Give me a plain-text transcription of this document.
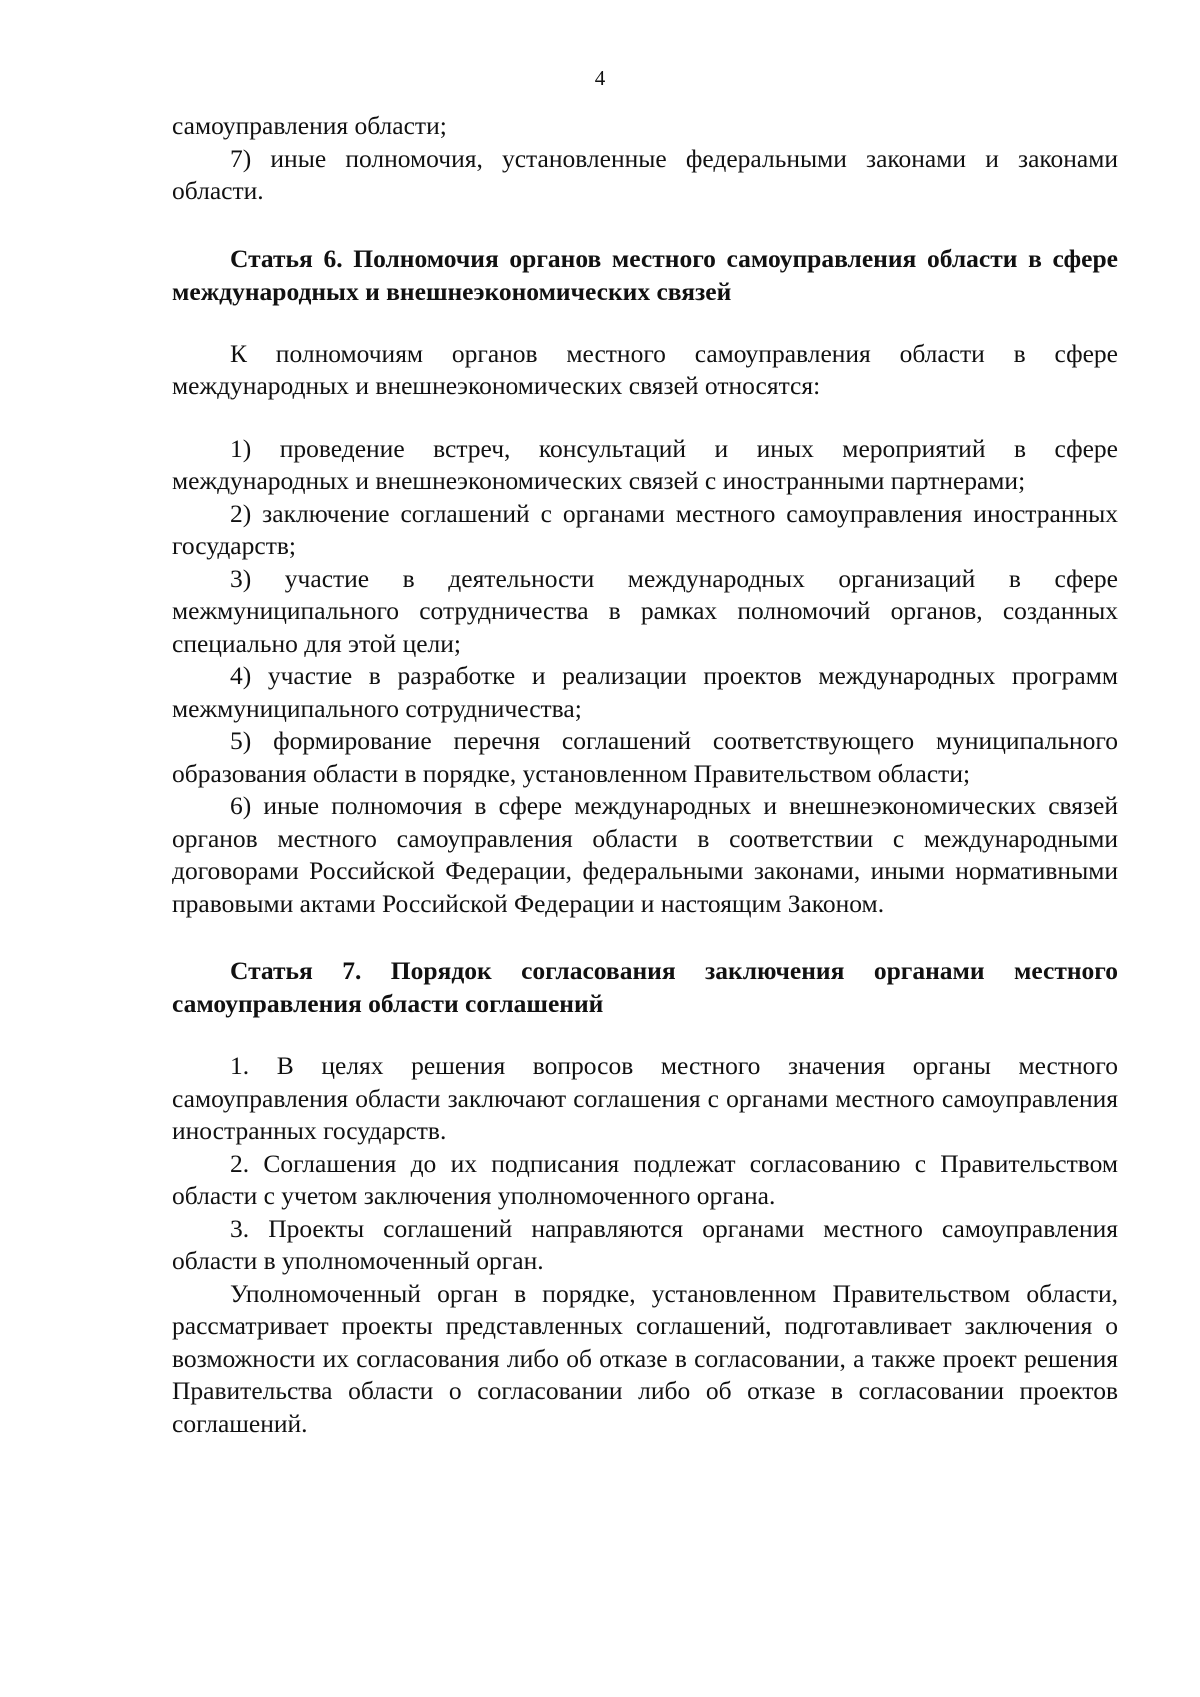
4

самоуправления области;

7) иные полномочия, установленные федеральными законами и законами области.

Статья 6. Полномочия органов местного самоуправления области в сфере международных и внешнеэкономических связей

К полномочиям органов местного самоуправления области в сфере международных и внешнеэкономических связей относятся:

1) проведение встреч, консультаций и иных мероприятий в сфере международных и внешнеэкономических связей с иностранными партнерами;

2) заключение соглашений с органами местного самоуправления иностранных государств;

3) участие в деятельности международных организаций в сфере межмуниципального сотрудничества в рамках полномочий органов, созданных специально для этой цели;

4) участие в разработке и реализации проектов международных программ межмуниципального сотрудничества;

5) формирование перечня соглашений соответствующего муниципального образования области в порядке, установленном Правительством области;

6) иные полномочия в сфере международных и внешнеэкономических связей органов местного самоуправления области в соответствии с международными договорами Российской Федерации, федеральными законами, иными нормативными правовыми актами Российской Федерации и настоящим Законом.

Статья 7. Порядок согласования заключения органами местного самоуправления области соглашений

1. В целях решения вопросов местного значения органы местного самоуправления области заключают соглашения с органами местного самоуправления иностранных государств.

2. Соглашения до их подписания подлежат согласованию с Правительством области с учетом заключения уполномоченного органа.

3. Проекты соглашений направляются органами местного самоуправления области в уполномоченный орган.

Уполномоченный орган в порядке, установленном Правительством области, рассматривает проекты представленных соглашений, подготавливает заключения о возможности их согласования либо об отказе в согласовании, а также проект решения Правительства области о согласовании либо об отказе в согласовании проектов соглашений.
